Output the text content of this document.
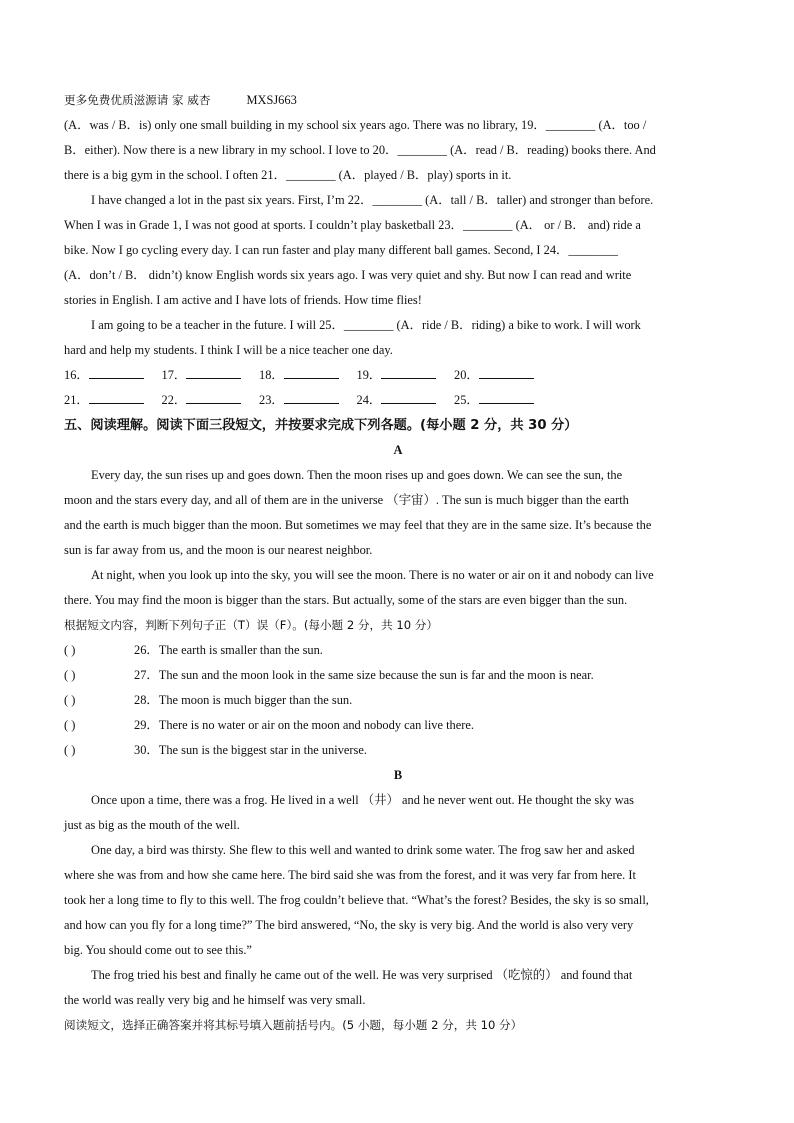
更多免费优质滋源请 家 威杏	MXSJ663
(A．was / B．is) only one small building in my school six years ago. There was no library, 19．________ (A．too /
B．either). Now there is a new library in my school. I love to 20．________ (A．read / B．reading) books there. And
there is a big gym in the school. I often 21．________ (A．played / B．play) sports in it.
I have changed a lot in the past six years. First, I’m 22．________ (A．tall / B．taller) and stronger than before.
When I was in Grade 1, I was not good at sports. I couldn’t play basketball 23．________ (A． or / B． and) ride a
bike. Now I go cycling every day. I can run faster and play many different ball games. Second, I 24．________
(A．don’t / B． didn’t) know English words six years ago. I was very quiet and shy. But now I can read and write
stories in English. I am active and I have lots of friends. How time flies!
I am going to be a teacher in the future. I will 25．________ (A．ride / B．riding) a bike to work. I will work
hard and help my students. I think I will be a nice teacher one day.
16．	17．	18．	19．	20．
21．	22．	23．	24．	25．
五、阅读理解。阅读下面三段短文，并按要求完成下列各题。(每小题 2 分，共 30 分）
A
Every day, the sun rises up and goes down. Then the moon rises up and goes down. We can see the sun, the
moon and the stars every day, and all of them are in the universe （宇宙）. The sun is much bigger than the earth
and the earth is much bigger than the moon. But sometimes we may feel that they are in the same size. It’s because the
sun is far away from us, and the moon is our nearest neighbor.
At night, when you look up into the sky, you will see the moon. There is no water or air on it and nobody can live
there. You may find the moon is bigger than the stars. But actually, some of the stars are even bigger than the sun.
根据短文内容，判断下列句子正（T）误（F）。(每小题 2 分，共 10 分）
( )	26．The earth is smaller than the sun.
( )	27．The sun and the moon look in the same size because the sun is far and the moon is near.
( )	28．The moon is much bigger than the sun.
( )	29．There is no water or air on the moon and nobody can live there.
( )	30．The sun is the biggest star in the universe.
B
Once upon a time, there was a frog. He lived in a well （井） and he never went out. He thought the sky was
just as big as the mouth of the well.
One day, a bird was thirsty. She flew to this well and wanted to drink some water. The frog saw her and asked
where she was from and how she came here. The bird said she was from the forest, and it was very far from here. It
took her a long time to fly to this well. The frog couldn’t believe that. “What’s the forest? Besides, the sky is so small,
and how can you fly for a long time?” The bird answered, “No, the sky is very big. And the world is also very very
big. You should come out to see this.”
The frog tried his best and finally he came out of the well. He was very surprised （吃惊的） and found that
the world was really very big and he himself was very small.
阅读短文，选择正确答案并将其标号填入题前括号内。(5 小题，每小题 2 分，共 10 分）
